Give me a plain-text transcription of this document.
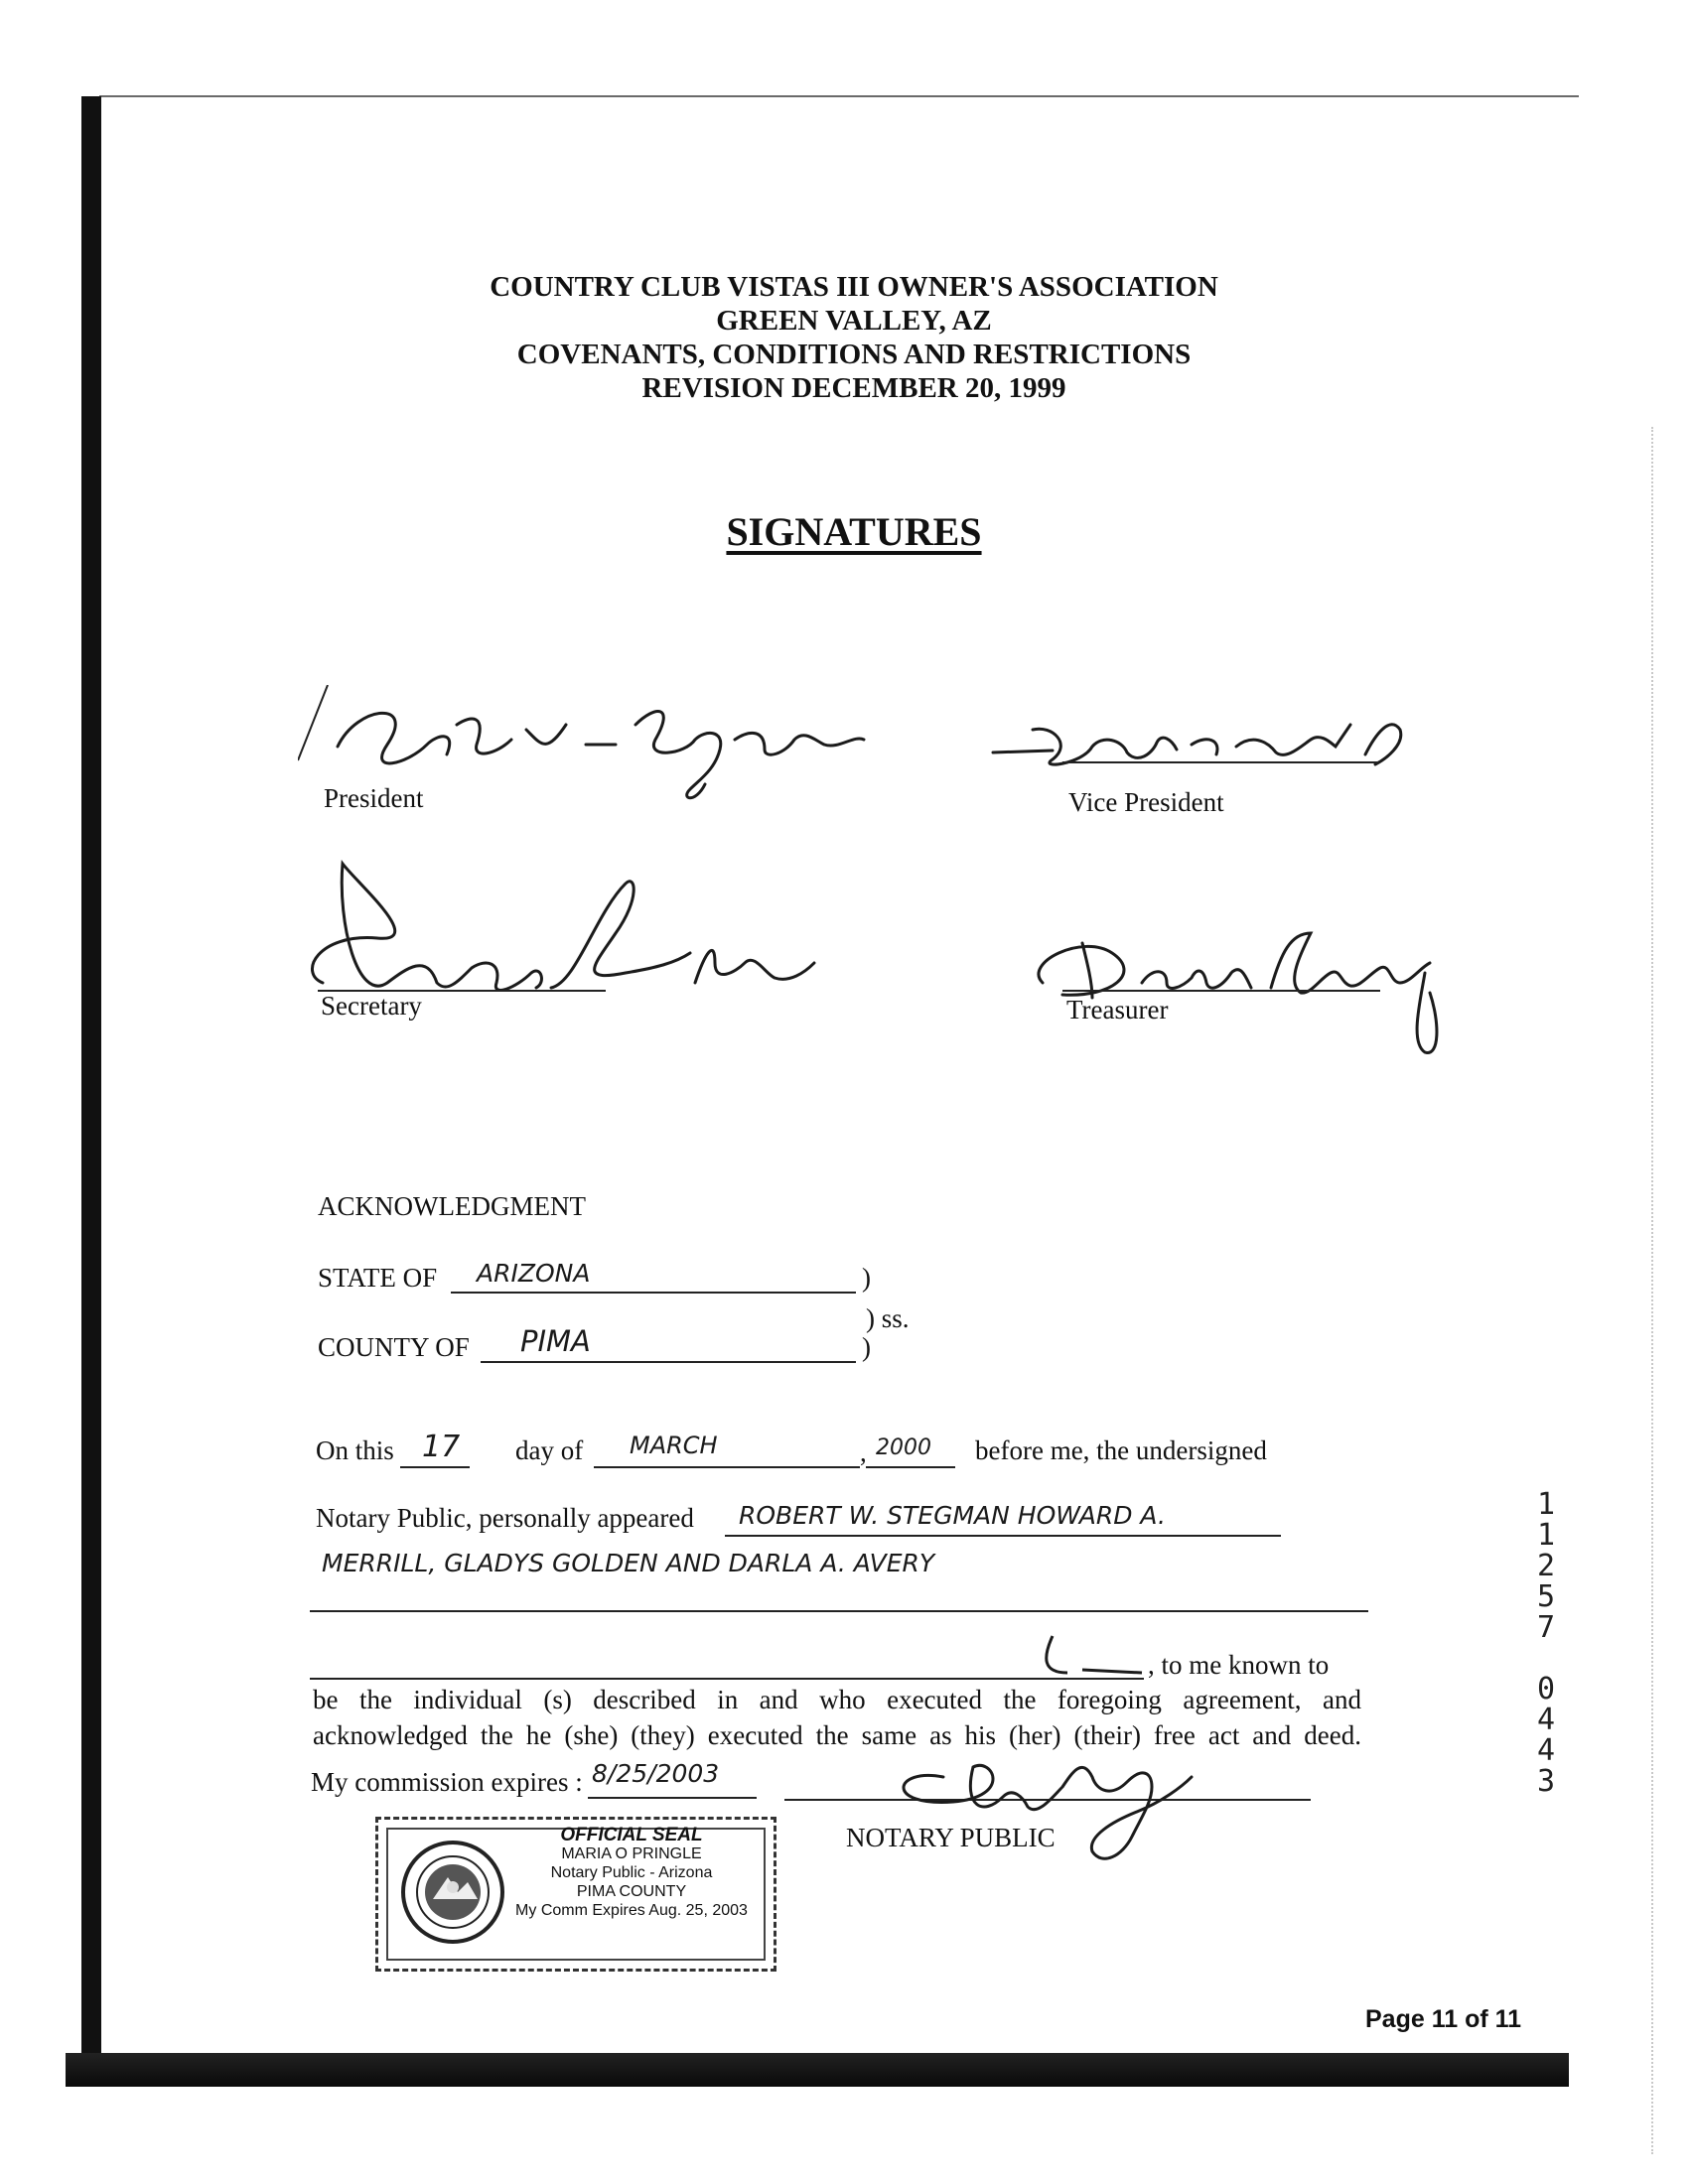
COUNTRY CLUB VISTAS III OWNER'S ASSOCIATION
GREEN VALLEY, AZ
COVENANTS, CONDITIONS AND RESTRICTIONS
REVISION DECEMBER 20, 1999
SIGNATURES
President	Vice President
Secretary	Treasurer
ACKNOWLEDGMENT
STATE OF ARIZONA	)
) ss.
COUNTY OF PIMA	)
On this 17 day of MARCH	, 2000 before me, the undersigned
Notary Public, personally appeared ROBERT W. STEGMAN HOWARD A.
MERRILL, GLADYS GOLDEN AND DARLA A. AVERY
, to me known to
be the individual (s) described in and who executed the foregoing agreement, and
acknowledged the he (she) (they) executed the same as his (her) (their) free act and deed.
My commission expires : 8/25/2003
NOTARY PUBLIC
OFFICIAL SEAL
MARIA O PRINGLE
Notary Public - Arizona
PIMA COUNTY
My Comm Expires Aug. 25, 2003
1
1
2
5
7
0
4
4
3
Page 11 of 11
